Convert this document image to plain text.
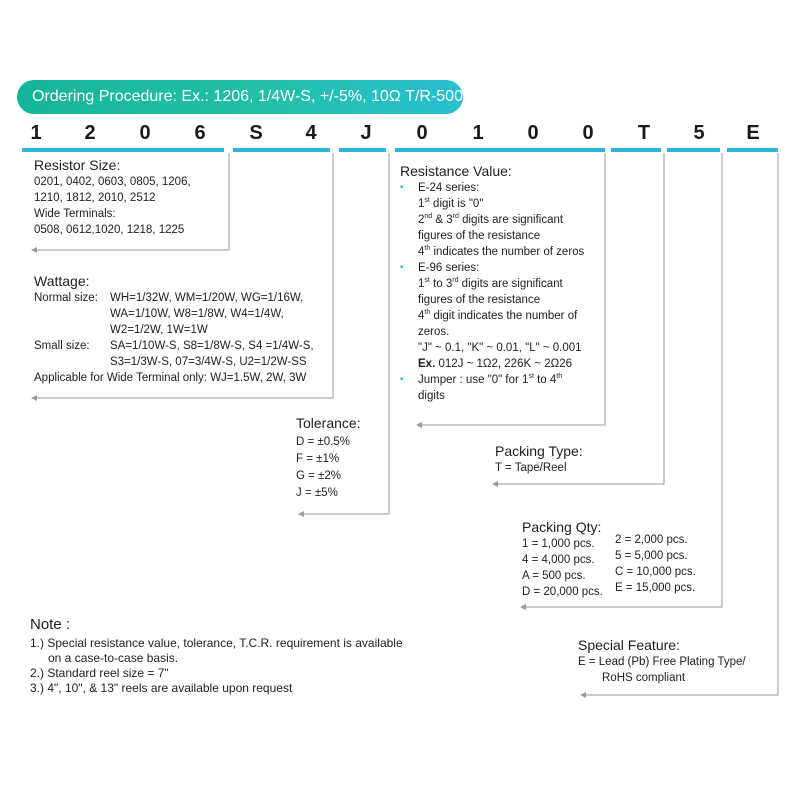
Ordering Procedure: Ex.: 1206, 1/4W-S, +/-5%, 10Ω T/R-5000
1	2	0	6	S	4	J	0	1	0	0	T	5	E
Resistor Size:
0201, 0402, 0603, 0805, 1206,
1210, 1812, 2010, 2512
Wide Terminals:
0508, 0612,1020, 1218, 1225
Wattage:
Normal size: WH=1/32W, WM=1/20W, WG=1/16W,
WA=1/10W, W8=1/8W, W4=1/4W,
W2=1/2W, 1W=1W
Small size: SA=1/10W-S, S8=1/8W-S, S4 =1/4W-S,
S3=1/3W-S, 07=3/4W-S, U2=1/2W-SS
Applicable for Wide Terminal only: WJ=1.5W, 2W, 3W
Tolerance:
D = ±0.5%
F = ±1%
G = ±2%
J = ±5%
Resistance Value:
• E-24 series:
1st digit is "0"
2nd & 3rd digits are significant
figures of the resistance
4th indicates the number of zeros
• E-96 series:
1st to 3rd digits are significant
figures of the resistance
4th digit indicates the number of
zeros.
"J" ~ 0.1, "K" ~ 0.01, "L" ~ 0.001
Ex. 012J ~ 1Ω2, 226K ~ 2Ω26
• Jumper : use "0" for 1st to 4th
digits
Packing Type:
T = Tape/Reel
Packing Qty:
1 = 1,000 pcs.
4 = 4,000 pcs.
A = 500 pcs.
D = 20,000 pcs.
2 = 2,000 pcs.
5 = 5,000 pcs.
C = 10,000 pcs.
E = 15,000 pcs.
Special Feature:
E = Lead (Pb) Free Plating Type/
RoHS compliant
Note :
1.) Special resistance value, tolerance, T.C.R. requirement is available
on a case-to-case basis.
2.) Standard reel size = 7"
3.) 4", 10", & 13" reels are available upon request
